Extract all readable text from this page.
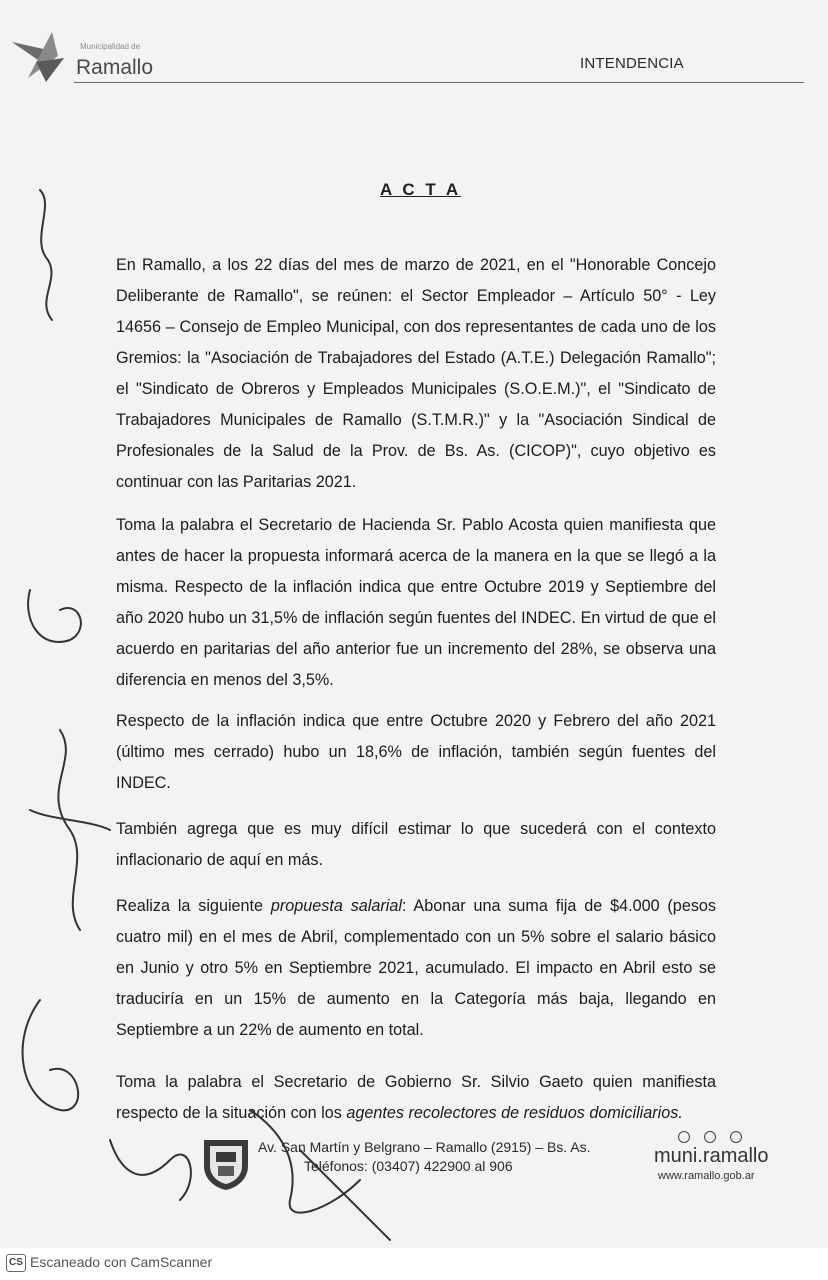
Municipalidad de
Ramallo	INTENDENCIA
A C T A
En Ramallo, a los 22 días del mes de marzo de 2021, en el "Honorable Concejo Deliberante de Ramallo", se reúnen: el Sector Empleador – Artículo 50° - Ley 14656 – Consejo de Empleo Municipal, con dos representantes de cada uno de los Gremios: la "Asociación de Trabajadores del Estado (A.T.E.) Delegación Ramallo"; el "Sindicato de Obreros y Empleados Municipales (S.O.E.M.)", el "Sindicato de Trabajadores Municipales de Ramallo (S.T.M.R.)" y la "Asociación Sindical de Profesionales de la Salud de la Prov. de Bs. As. (CICOP)", cuyo objetivo es continuar con las Paritarias 2021.
Toma la palabra el Secretario de Hacienda Sr. Pablo Acosta quien manifiesta que antes de hacer la propuesta informará acerca de la manera en la que se llegó a la misma. Respecto de la inflación indica que entre Octubre 2019 y Septiembre del año 2020 hubo un 31,5% de inflación según fuentes del INDEC. En virtud de que el acuerdo en paritarias del año anterior fue un incremento del 28%, se observa una diferencia en menos del 3,5%.
Respecto de la inflación indica que entre Octubre 2020 y Febrero del año 2021 (último mes cerrado) hubo un 18,6% de inflación, también según fuentes del INDEC.
También agrega que es muy difícil estimar lo que sucederá con el contexto inflacionario de aquí en más.
Realiza la siguiente propuesta salarial: Abonar una suma fija de $4.000 (pesos cuatro mil) en el mes de Abril, complementado con un 5% sobre el salario básico en Junio y otro 5% en Septiembre 2021, acumulado. El impacto en Abril esto se traduciría en un 15% de aumento en la Categoría más baja, llegando en Septiembre a un 22% de aumento en total.
Toma la palabra el Secretario de Gobierno Sr. Silvio Gaeto quien manifiesta respecto de la situación con los agentes recolectores de residuos domiciliarios.
Av. San Martín y Belgrano – Ramallo (2915) – Bs. As.
Teléfonos: (03407) 422900 al 906	muni.ramallo
www.ramallo.gob.ar
CS Escaneado con CamScanner
